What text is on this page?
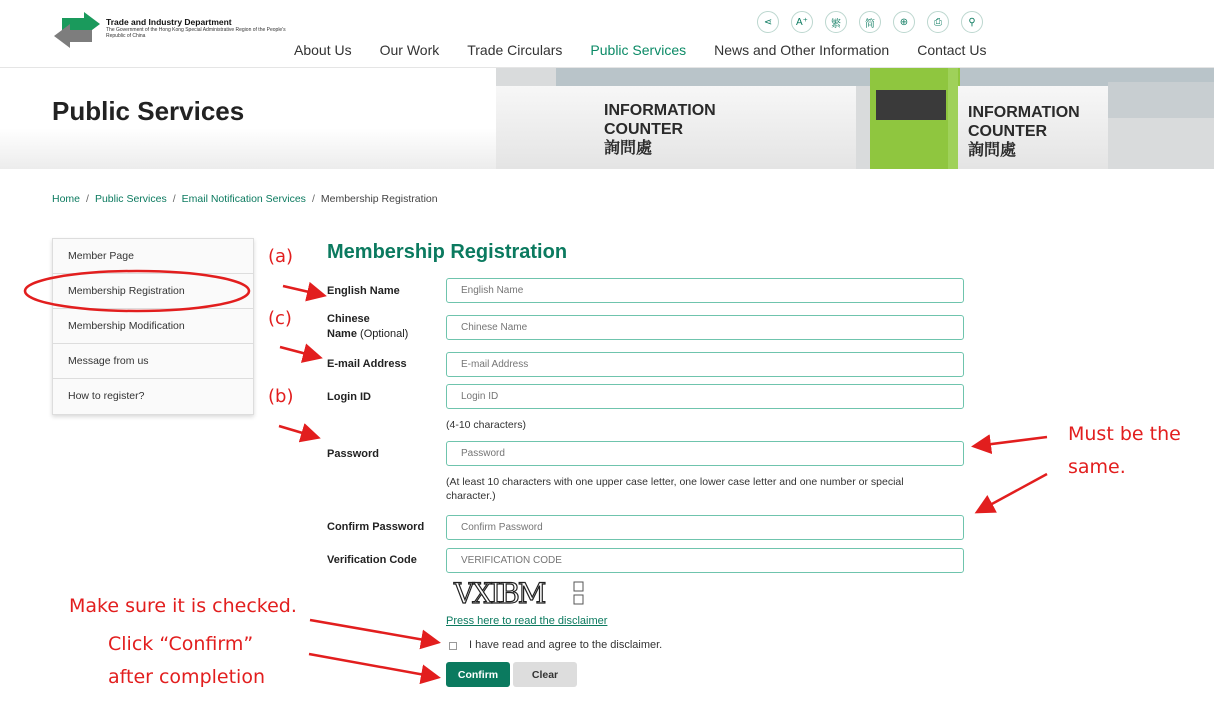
Trade and Industry Department
The Government of the Hong Kong Special Administrative Region of the People's Republic of China
⋖	A⁺	繁	简	⊕	⎙	⚲
About Us Our Work Trade Circulars Public Services News and Other Information Contact Us
Public Services	INFORMATION
COUNTER
詢問處
INFORMATION
COUNTER
詢問處
Home / Public Services / Email Notification Services / Membership Registration
Member Page
Membership Registration
Membership Modification
Message from us
How to register?
Membership Registration
English Name
English Name
Chinese
Name (Optional)
Chinese Name
E-mail Address
E-mail Address
Login ID
Login ID
(4-10 characters)
Password
Password
(At least 10 characters with one upper case letter, one lower case letter and one number or special character.)
Confirm Password
Confirm Password
Verification Code
VERIFICATION CODE
VXIBM
Press here to read the disclaimer
I have read and agree to the disclaimer.
Confirm	Clear
(a)
(c)
(b)
Must be the
same.
Make sure it is checked.
Click “Confirm”
after completion
